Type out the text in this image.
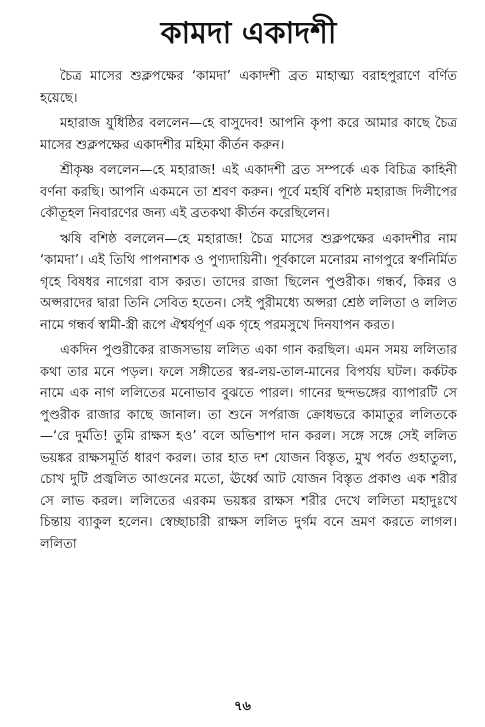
কামদা একাদশী

চৈত্র মাসের শুক্লপক্ষের ‘কামদা’ একাদশী ব্রত মাহাত্ম্য বরাহপুরাণে বর্ণিত হয়েছে।

মহারাজ যুধিষ্ঠির বললেন—হে বাসুদেব! আপনি কৃপা করে আমার কাছে চৈত্র মাসের শুক্লপক্ষের একাদশীর মহিমা কীর্তন করুন।

শ্রীকৃষ্ণ বললেন—হে মহারাজ! এই একাদশী ব্রত সম্পর্কে এক বিচিত্র কাহিনী বর্ণনা করছি। আপনি একমনে তা শ্রবণ করুন। পূর্বে মহর্ষি বশিষ্ঠ মহারাজ দিলীপের কৌতূহল নিবারণের জন্য এই ব্রতকথা কীর্তন করেছিলেন।

ঋষি বশিষ্ঠ বললেন—হে মহারাজ! চৈত্র মাসের শুক্লপক্ষের একাদশীর নাম ‘কামদা’। এই তিথি পাপনাশক ও পুণ্যদায়িনী। পূর্বকালে মনোরম নাগপুরে স্বর্ণনির্মিত গৃহে বিষধর নাগেরা বাস করত। তাদের রাজা ছিলেন পুণ্ডরীক। গন্ধর্ব, কিন্নর ও অপ্সরাদের দ্বারা তিনি সেবিত হতেন। সেই পুরীমধ্যে অপ্সরা শ্রেষ্ঠ ললিতা ও ললিত নামে গন্ধর্ব স্বামী-স্ত্রী রূপে ঐশ্বর্যপূর্ণ এক গৃহে পরমসুখে দিনযাপন করত।

একদিন পুণ্ডরীকের রাজসভায় ললিত একা গান করছিল। এমন সময় ললিতার কথা তার মনে পড়ল। ফলে সঙ্গীতের স্বর-লয়-তাল-মানের বিপর্যয় ঘটল। কর্কটক নামে এক নাগ ললিতের মনোভাব বুঝতে পারল। গানের ছন্দভঙ্গের ব্যাপারটি সে পুণ্ডরীক রাজার কাছে জানাল। তা শুনে সর্পরাজ ক্রোধভরে কামাতুর ললিতকে—‘রে দুর্মতি! তুমি রাক্ষস হও’ বলে অভিশাপ দান করল। সঙ্গে সঙ্গে সেই ললিত ভয়ঙ্কর রাক্ষসমূর্তি ধারণ করল। তার হাত দশ যোজন বিস্তৃত, মুখ পর্বত গুহাতুল্য, চোখ দুটি প্রজ্বলিত আগুনের মতো, ঊর্ধ্বে আট যোজন বিস্তৃত প্রকাণ্ড এক শরীর সে লাভ করল। ললিতের এরকম ভয়ঙ্কর রাক্ষস শরীর দেখে ললিতা মহাদুঃখে চিন্তায় ব্যাকুল হলেন। স্বেচ্ছাচারী রাক্ষস ললিত দুর্গম বনে ভ্রমণ করতে লাগল। ললিতা

৭৬
